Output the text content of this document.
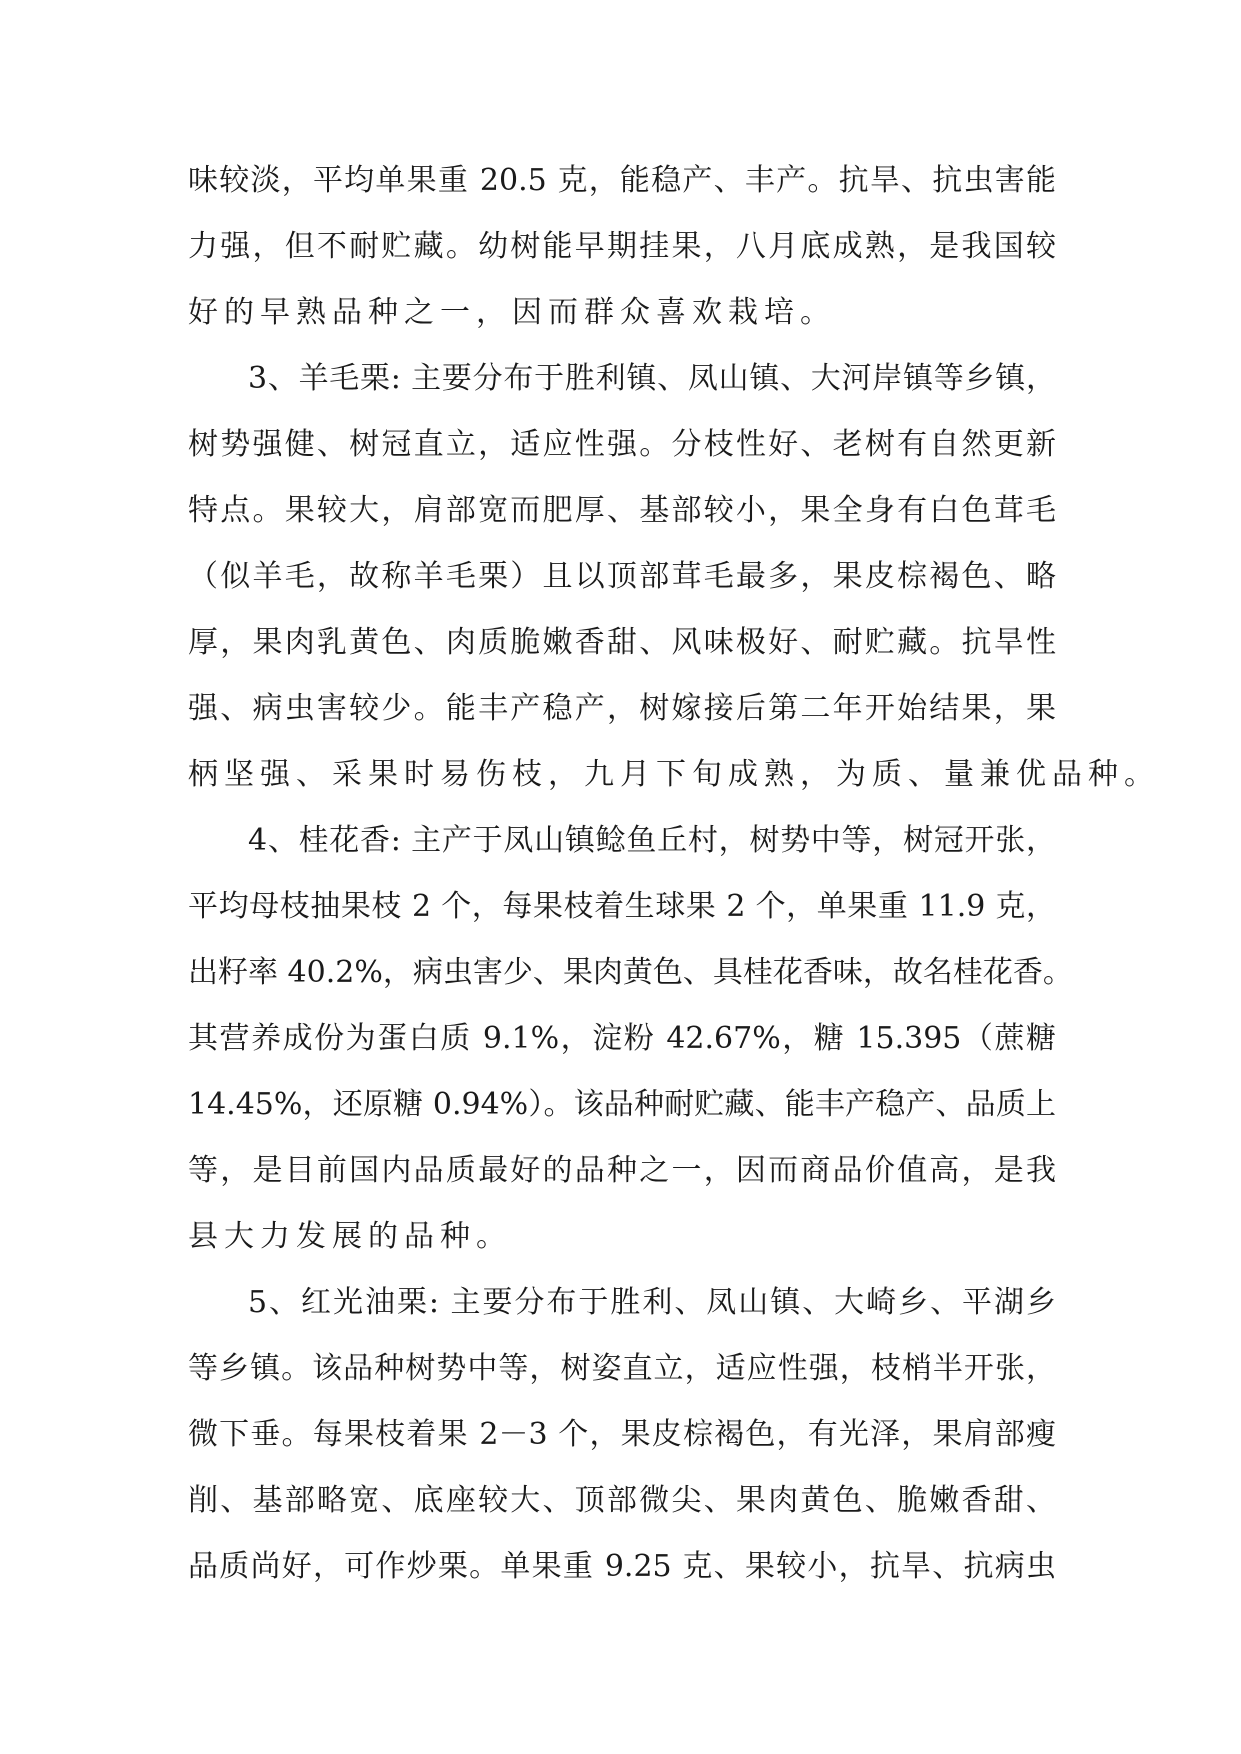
味较淡，平均单果重 20.5 克，能稳产、丰产。抗旱、抗虫害能
力强，但不耐贮藏。幼树能早期挂果，八月底成熟，是我国较
好的早熟品种之一，因而群众喜欢栽培。
3、羊毛栗: 主要分布于胜利镇、凤山镇、大河岸镇等乡镇，
树势强健、树冠直立，适应性强。分枝性好、老树有自然更新
特点。果较大，肩部宽而肥厚、基部较小，果全身有白色茸毛
（似羊毛，故称羊毛栗）且以顶部茸毛最多，果皮棕褐色、略
厚，果肉乳黄色、肉质脆嫩香甜、风味极好、耐贮藏。抗旱性
强、病虫害较少。能丰产稳产，树嫁接后第二年开始结果，果
柄坚强、采果时易伤枝，九月下旬成熟，为质、量兼优品种。
4、桂花香: 主产于凤山镇鲶鱼丘村，树势中等，树冠开张，
平均母枝抽果枝 2 个，每果枝着生球果 2 个，单果重 11.9 克，
出籽率 40.2%，病虫害少、果肉黄色、具桂花香味，故名桂花香。
其营养成份为蛋白质 9.1%，淀粉 42.67%，糖 15.395（蔗糖
14.45%，还原糖 0.94%）。该品种耐贮藏、能丰产稳产、品质上
等，是目前国内品质最好的品种之一，因而商品价值高，是我
县大力发展的品种。
5、红光油栗: 主要分布于胜利、凤山镇、大崎乡、平湖乡
等乡镇。该品种树势中等，树姿直立，适应性强，枝梢半开张，
微下垂。每果枝着果 2－3 个，果皮棕褐色，有光泽，果肩部瘦
削、基部略宽、底座较大、顶部微尖、果肉黄色、脆嫩香甜、
品质尚好，可作炒栗。单果重 9.25 克、果较小，抗旱、抗病虫
